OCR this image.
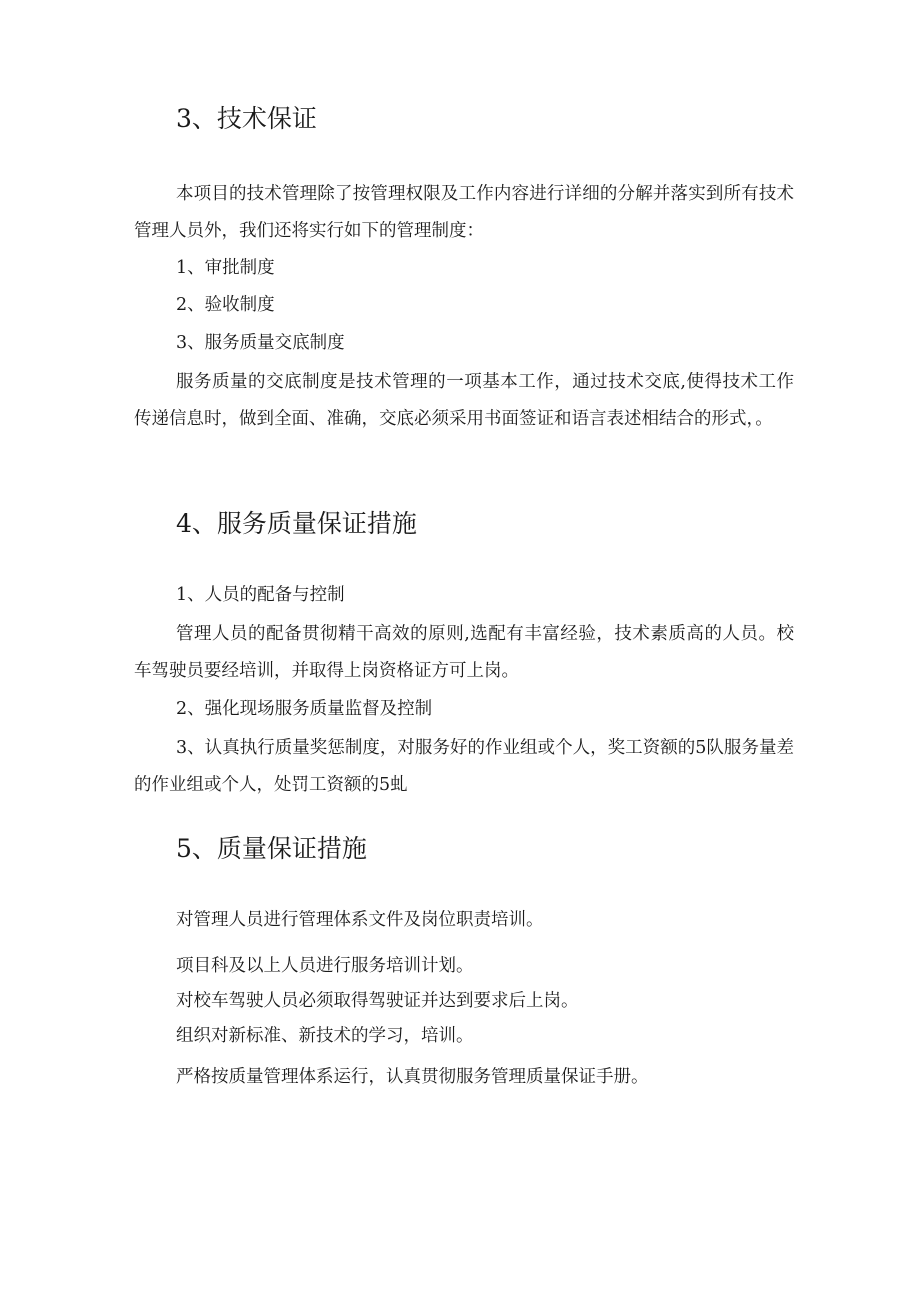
3、技术保证

本项目的技术管理除了按管理权限及工作内容进行详细的分解并落实到所有技术管理人员外，我们还将实行如下的管理制度：

1、审批制度

2、验收制度

3、服务质量交底制度

服务质量的交底制度是技术管理的一项基本工作，通过技术交底,使得技术工作传递信息时，做到全面、准确，交底必须采用书面签证和语言表述相结合的形式，。

4、服务质量保证措施

1、人员的配备与控制

管理人员的配备贯彻精干高效的原则,选配有丰富经验，技术素质高的人员。校车驾驶员要经培训，并取得上岗资格证方可上岗。

2、强化现场服务质量监督及控制

3、认真执行质量奖惩制度，对服务好的作业组或个人，奖工资额的5队服务量差的作业组或个人，处罚工资额的5虬

5、质量保证措施

对管理人员进行管理体系文件及岗位职责培训。

项目科及以上人员进行服务培训计划。

对校车驾驶人员必须取得驾驶证并达到要求后上岗。

组织对新标准、新技术的学习，培训。

严格按质量管理体系运行，认真贯彻服务管理质量保证手册。
